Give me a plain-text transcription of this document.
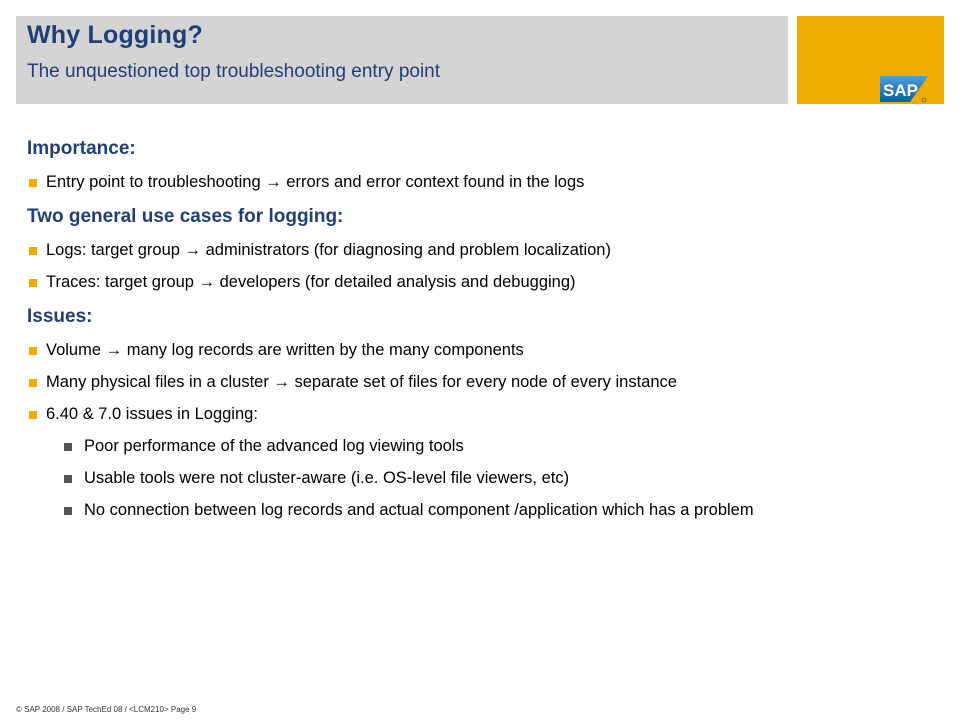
Why Logging?
The unquestioned top troubleshooting entry point
SAP
Importance:
Entry point to troubleshooting → errors and error context found in the logs
Two general use cases for logging:
Logs: target group → administrators (for diagnosing and problem localization)
Traces: target group → developers (for detailed analysis and debugging)
Issues:
Volume → many log records are written by the many components
Many physical files in a cluster → separate set of files for every node of every instance
6.40 & 7.0 issues in Logging:
Poor performance of the advanced log viewing tools
Usable tools were not cluster-aware (i.e. OS-level file viewers, etc)
No connection between log records and actual component /application which has a problem
© SAP 2008 / SAP TechEd 08 / <LCM210> Page 9
